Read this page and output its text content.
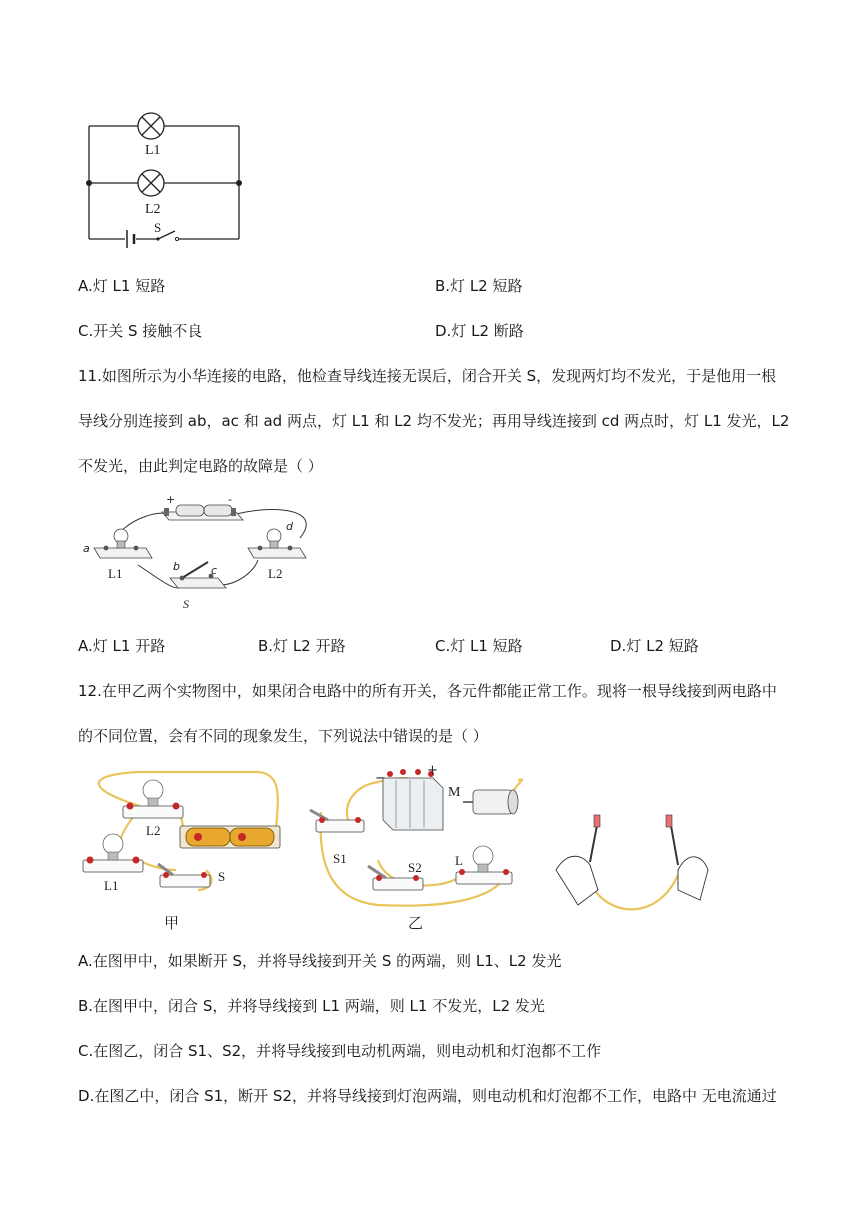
L1
L2
S
A.灯 L1 短路	B.灯 L2 短路
C.开关 S 接触不良	D.灯 L2 断路
11.如图所示为小华连接的电路，他检查导线连接无误后，闭合开关 S，发现两灯均不发光，于是他用一根
导线分别连接到 ab，ac 和 ad 两点，灯 L1 和 L2 均不发光；再用导线连接到 cd 两点时，灯 L1 发光，L2
不发光，由此判定电路的故障是（ ）
+	-
a
b	c
d
L1	L2
S
A.灯 L1 开路	B.灯 L2 开路	C.灯 L1 短路	D.灯 L2 短路
12.在甲乙两个实物图中，如果闭合电路中的所有开关，各元件都能正常工作。现将一根导线接到两电路中
的不同位置，会有不同的现象发生，下列说法中错误的是（ ）
L2
L1
S
甲
−
+
M
S1
S2	L
乙
A.在图甲中，如果断开 S，并将导线接到开关 S 的两端，则 L1、L2 发光
B.在图甲中，闭合 S，并将导线接到 L1 两端，则 L1 不发光，L2 发光
C.在图乙，闭合 S1、S2，并将导线接到电动机两端，则电动机和灯泡都不工作
D.在图乙中，闭合 S1，断开 S2，并将导线接到灯泡两端，则电动机和灯泡都不工作，电路中 无电流通过
